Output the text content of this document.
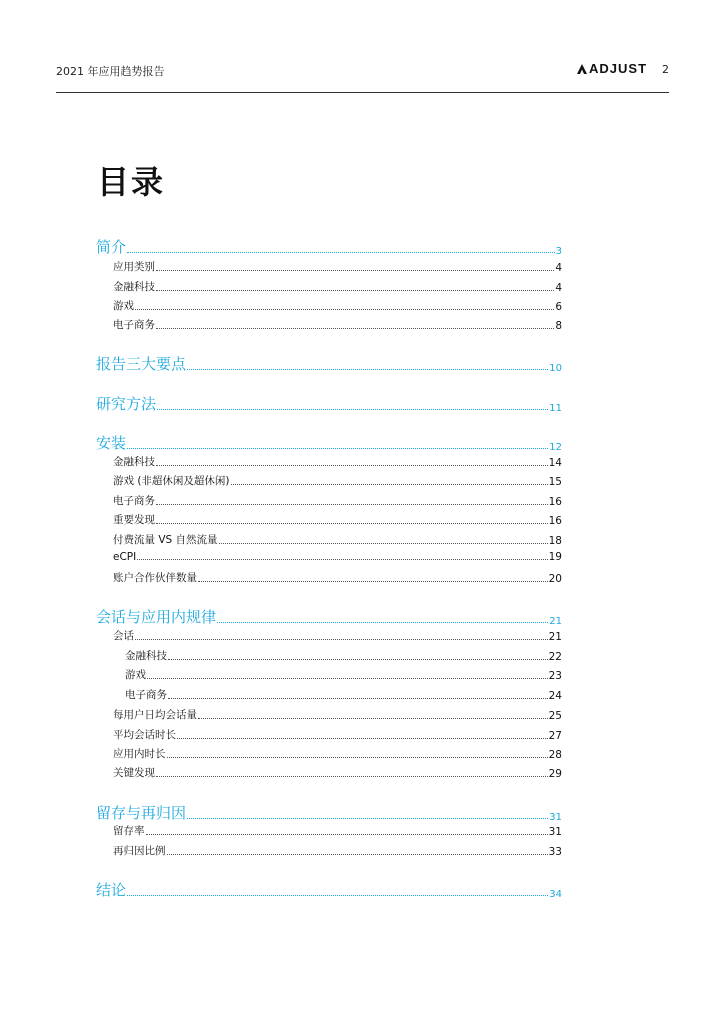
2021 年应用趋势报告	ADJUST 2
目录
简介	3
应用类别	4
金融科技	4
游戏	6
电子商务	8
报告三大要点	10
研究方法	11
安装	12
金融科技	14
游戏 (非超休闲及超休闲)	15
电子商务	16
重要发现	16
付费流量 VS 自然流量	18
eCPI	19
账户合作伙伴数量	20
会话与应用内规律	21
会话	21
金融科技	22
游戏	23
电子商务	24
每用户日均会话量	25
平均会话时长	27
应用内时长	28
关键发现	29
留存与再归因	31
留存率	31
再归因比例	33
结论	34
